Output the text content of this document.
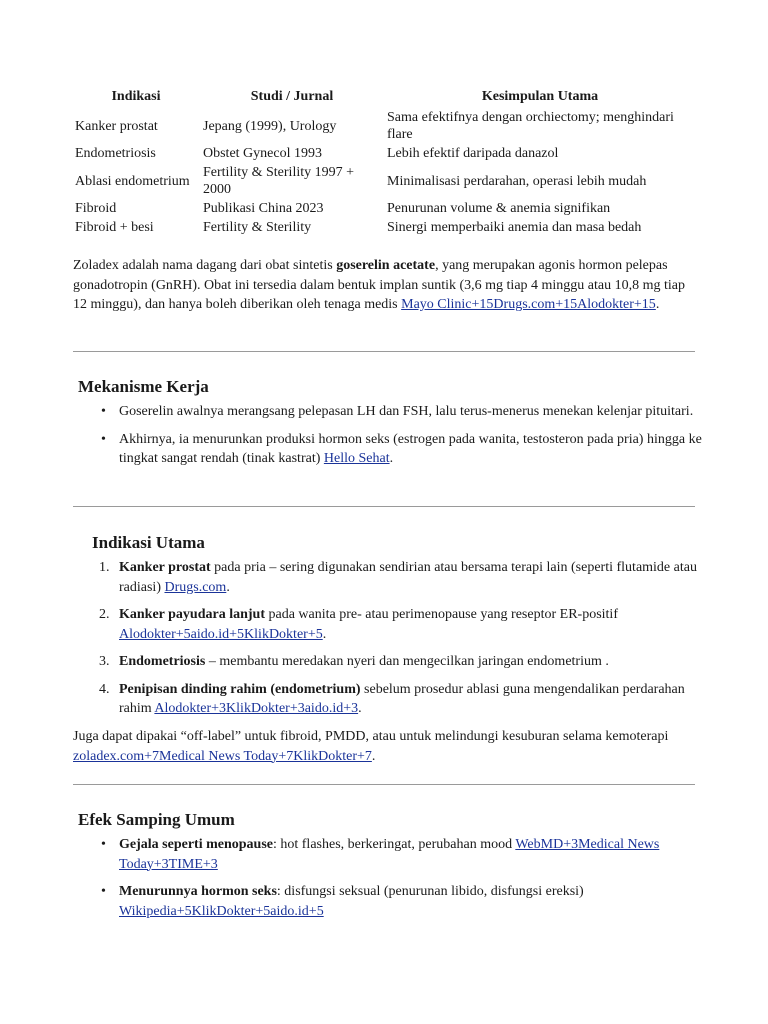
Indikasi	Studi / Jurnal	Kesimpulan Utama
Kanker prostat	Jepang (1999), Urology	Sama efektifnya dengan orchiectomy; menghindari flare
Endometriosis	Obstet Gynecol 1993	Lebih efektif daripada danazol
Ablasi endometrium	Fertility & Sterility 1997 + 2000	Minimalisasi perdarahan, operasi lebih mudah
Fibroid	Publikasi China 2023	Penurunan volume & anemia signifikan
Fibroid + besi	Fertility & Sterility	Sinergi memperbaiki anemia dan masa bedah

Zoladex adalah nama dagang dari obat sintetis goserelin acetate, yang merupakan agonis hormon pelepas gonadotropin (GnRH). Obat ini tersedia dalam bentuk implan suntik (3,6 mg tiap 4 minggu atau 10,8 mg tiap 12 minggu), dan hanya boleh diberikan oleh tenaga medis Mayo Clinic+15Drugs.com+15Alodokter+15.

Mekanisme Kerja
• Goserelin awalnya merangsang pelepasan LH dan FSH, lalu terus-menerus menekan kelenjar pituitari.
• Akhirnya, ia menurunkan produksi hormon seks (estrogen pada wanita, testosteron pada pria) hingga ke tingkat sangat rendah (tinak kastrat) Hello Sehat.
Indikasi Utama
1. Kanker prostat pada pria – sering digunakan sendirian atau bersama terapi lain (seperti flutamide atau radiasi) Drugs.com.
2. Kanker payudara lanjut pada wanita pre- atau perimenopause yang reseptor ER-positif Alodokter+5aido.id+5KlikDokter+5.
3. Endometriosis – membantu meredakan nyeri dan mengecilkan jaringan endometrium .
4. Penipisan dinding rahim (endometrium) sebelum prosedur ablasi guna mengendalikan perdarahan rahim Alodokter+3KlikDokter+3aido.id+3.

Juga dapat dipakai “off-label” untuk fibroid, PMDD, atau untuk melindungi kesuburan selama kemoterapi zoladex.com+7Medical News Today+7KlikDokter+7.

Efek Samping Umum
• Gejala seperti menopause: hot flashes, berkeringat, perubahan mood WebMD+3Medical News Today+3TIME+3
• Menurunnya hormon seks: disfungsi seksual (penurunan libido, disfungsi ereksi) Wikipedia+5KlikDokter+5aido.id+5
